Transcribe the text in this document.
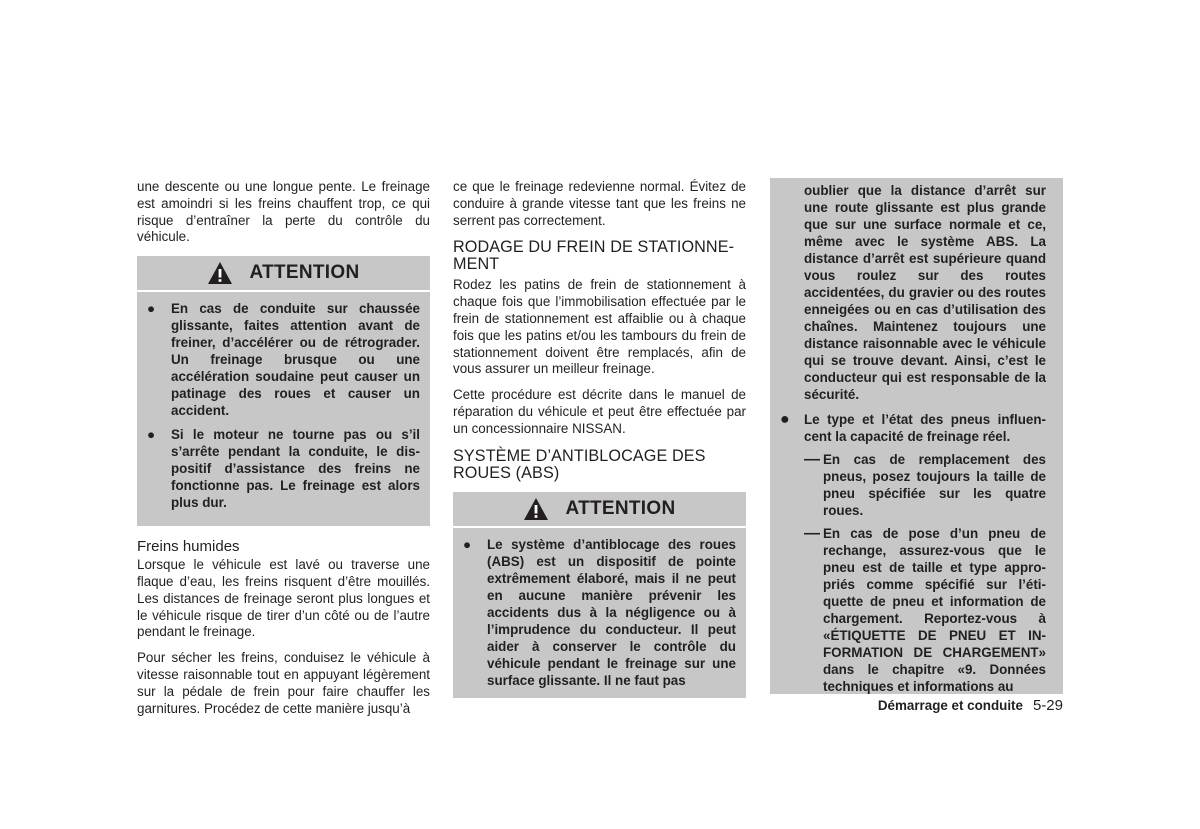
une descente ou une longue pente. Le freinage est amoindri si les freins chauffent trop, ce qui risque d’entraîner la perte du contrôle du véhicule.

ATTENTION
● En cas de conduite sur chaussée glissante, faites attention avant de freiner, d’accélérer ou de rétrograder. Un freinage brusque ou une accélération soudaine peut causer un patinage des roues et causer un accident.
● Si le moteur ne tourne pas ou s’il s’arrête pendant la conduite, le dispositif d’assistance des freins ne fonctionne pas. Le freinage est alors plus dur.
Freins humides

Lorsque le véhicule est lavé ou traverse une flaque d’eau, les freins risquent d’être mouillés. Les distances de freinage seront plus longues et le véhicule risque de tirer d’un côté ou de l’autre pendant le freinage.

Pour sécher les freins, conduisez le véhicule à vitesse raisonnable tout en appuyant légèrement sur la pédale de frein pour faire chauffer les garnitures. Procédez de cette manière jusqu’à

ce que le freinage redevienne normal. Évitez de conduire à grande vitesse tant que les freins ne serrent pas correctement.

RODAGE DU FREIN DE STATIONNEMENT

Rodez les patins de frein de stationnement à chaque fois que l’immobilisation effectuée par le frein de stationnement est affaiblie ou à chaque fois que les patins et/ou les tambours du frein de stationnement doivent être remplacés, afin de vous assurer un meilleur freinage.

Cette procédure est décrite dans le manuel de réparation du véhicule et peut être effectuée par un concessionnaire NISSAN.

SYSTÈME D’ANTIBLOCAGE DES ROUES (ABS)
ATTENTION
● Le système d’antiblocage des roues (ABS) est un dispositif de pointe extrêmement élaboré, mais il ne peut en aucune manière prévenir les accidents dus à la négligence ou à l’imprudence du conducteur. Il peut aider à conserver le contrôle du véhicule pendant le freinage sur une surface glissante. Il ne faut pas

oublier que la distance d’arrêt sur une route glissante est plus grande que sur une surface normale et ce, même avec le système ABS. La distance d’arrêt est supérieure quand vous roulez sur des routes accidentées, du gravier ou des routes enneigées ou en cas d’utilisation des chaînes. Maintenez toujours une distance raisonnable avec le véhicule qui se trouve devant. Ainsi, c’est le conducteur qui est responsable de la sécurité.

● Le type et l’état des pneus influencent la capacité de freinage réel.

— En cas de remplacement des pneus, posez toujours la taille de pneu spécifiée sur les quatre roues.

— En cas de pose d’un pneu de rechange, assurez-vous que le pneu est de taille et type appropriés comme spécifié sur l’étiquette de pneu et information de chargement. Reportez-vous à «ÉTIQUETTE DE PNEU ET INFORMATION DE CHARGEMENT» dans le chapitre «9. Données techniques et informations au

Démarrage et conduite 5-29
